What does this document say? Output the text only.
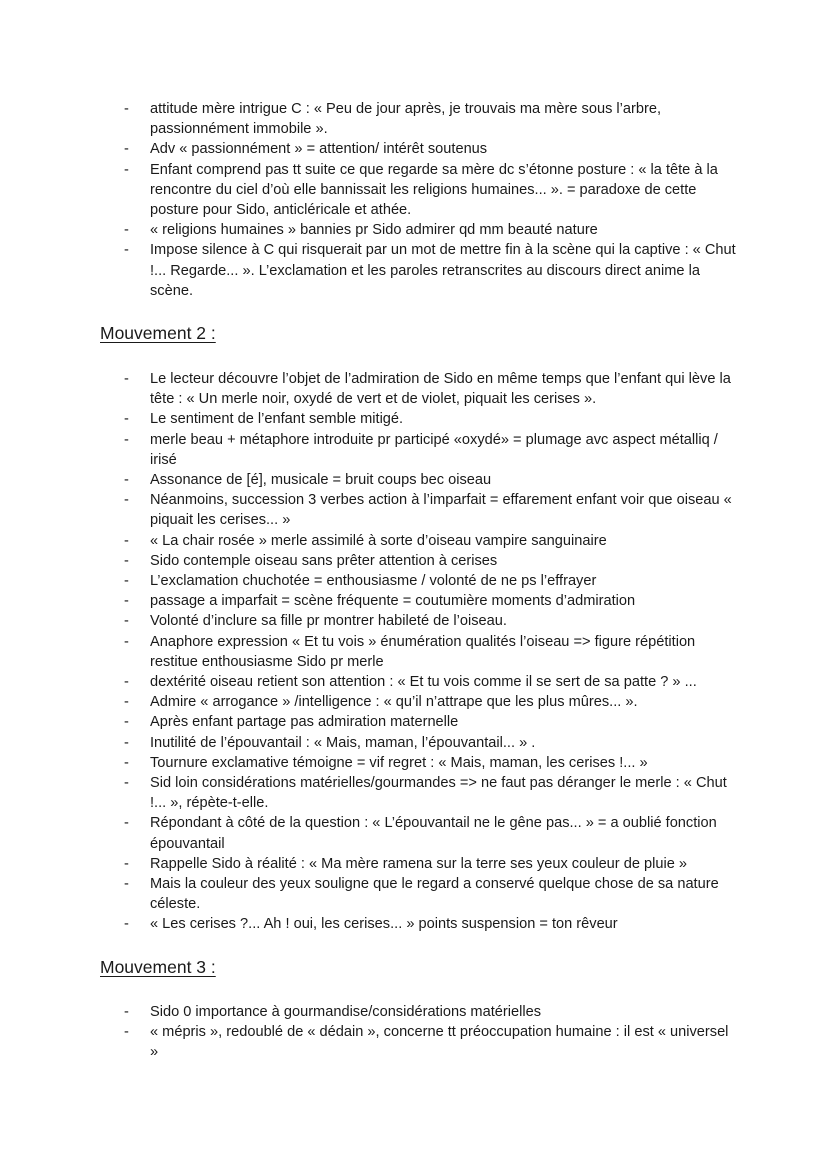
- attitude mère intrigue C : « Peu de jour après, je trouvais ma mère sous l’arbre, passionnément immobile ».
- Adv « passionnément » = attention/ intérêt soutenus
- Enfant comprend pas tt suite ce que regarde sa mère dc s’étonne posture : « la tête à la rencontre du ciel d’où elle bannissait les religions humaines... ». = paradoxe de cette posture pour Sido, anticléricale et athée.
- « religions humaines » bannies pr Sido admirer qd mm beauté nature
- Impose silence à C qui risquerait par un mot de mettre fin à la scène qui la captive : « Chut !... Regarde... ». L’exclamation et les paroles retranscrites au discours direct anime la scène.
Mouvement 2 :
- Le lecteur découvre l’objet de l’admiration de Sido en même temps que l’enfant qui lève la tête : « Un merle noir, oxydé de vert et de violet, piquait les cerises ».
- Le sentiment de l’enfant semble mitigé.
- merle beau + métaphore introduite pr participé «oxydé» = plumage avc aspect métalliq / irisé
- Assonance de [é], musicale = bruit coups bec oiseau
- Néanmoins, succession 3 verbes action à l’imparfait = effarement enfant voir que oiseau « piquait les cerises... »
- « La chair rosée » merle assimilé à sorte d’oiseau vampire sanguinaire
- Sido contemple oiseau sans prêter attention à cerises
- L’exclamation chuchotée = enthousiasme / volonté de ne ps l’effrayer
- passage a imparfait = scène fréquente = coutumière moments d’admiration
- Volonté d’inclure sa fille pr montrer habileté de l’oiseau.
- Anaphore expression « Et tu vois » énumération qualités l’oiseau => figure répétition restitue enthousiasme Sido pr merle
- dextérité oiseau retient son attention : « Et tu vois comme il se sert de sa patte ? » ...
- Admire « arrogance » /intelligence : « qu’il n’attrape que les plus mûres... ».
- Après enfant partage pas admiration maternelle
- Inutilité de l’épouvantail : « Mais, maman, l’épouvantail... » .
- Tournure exclamative témoigne = vif regret : « Mais, maman, les cerises !... »
- Sid loin considérations matérielles/gourmandes => ne faut pas déranger le merle : « Chut !... », répète-t-elle.
- Répondant à côté de la question : « L’épouvantail ne le gêne pas... » = a oublié fonction épouvantail
- Rappelle Sido à réalité : « Ma mère ramena sur la terre ses yeux couleur de pluie »
- Mais la couleur des yeux souligne que le regard a conservé quelque chose de sa nature céleste.
- « Les cerises ?... Ah ! oui, les cerises... » points suspension = ton rêveur
Mouvement 3 :
- Sido 0 importance à gourmandise/considérations matérielles
- « mépris », redoublé de « dédain », concerne tt préoccupation humaine : il est « universel »
